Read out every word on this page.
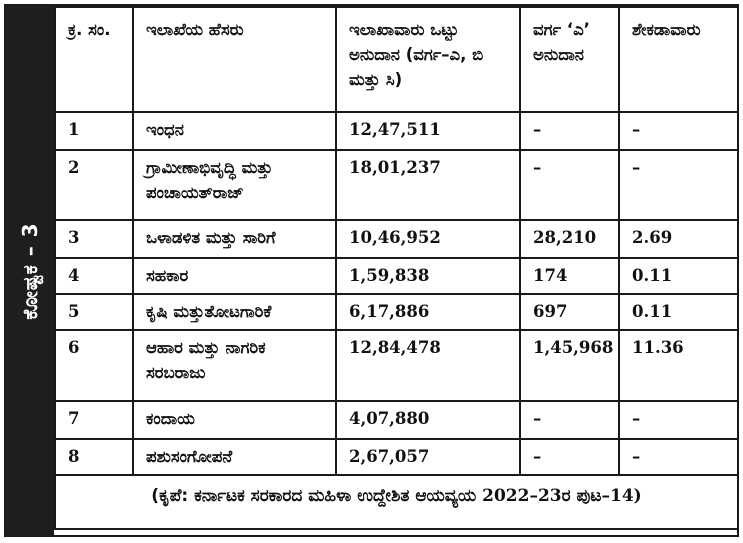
ಕೋಷ್ಟಕ – 3
ಕ್ರ. ಸಂ.	ಇಲಾಖೆಯ ಹೆಸರು	ಇಲಾಖಾವಾರು ಒಟ್ಟು ಅನುದಾನ (ವರ್ಗ–ಎ, ಬಿ ಮತ್ತು ಸಿ)	ವರ್ಗ ‘ಎ’ ಅನುದಾನ	ಶೇಕಡಾವಾರು
1	ಇಂಧನ	12,47,511	–	–
2	ಗ್ರಾಮೀಣಾಭಿವೃದ್ಧಿ ಮತ್ತು ಪಂಚಾಯತ್‌ರಾಜ್	18,01,237	–	–
3	ಒಳಾಡಳಿತ ಮತ್ತು ಸಾರಿಗೆ	10,46,952	28,210	2.69
4	ಸಹಕಾರ	1,59,838	174	0.11
5	ಕೃಷಿ ಮತ್ತುತೋಟಗಾರಿಕೆ	6,17,886	697	0.11
6	ಆಹಾರ ಮತ್ತು ನಾಗರಿಕ ಸರಬರಾಜು	12,84,478	1,45,968	11.36
7	ಕಂದಾಯ	4,07,880	–	–
8	ಪಶುಸಂಗೋಪನೆ	2,67,057	–	–
(ಕೃಪೆ: ಕರ್ನಾಟಕ ಸರಕಾರದ ಮಹಿಳಾ ಉದ್ದೇಶಿತ ಆಯವ್ಯಯ 2022–23ರ ಪುಟ–14)				
